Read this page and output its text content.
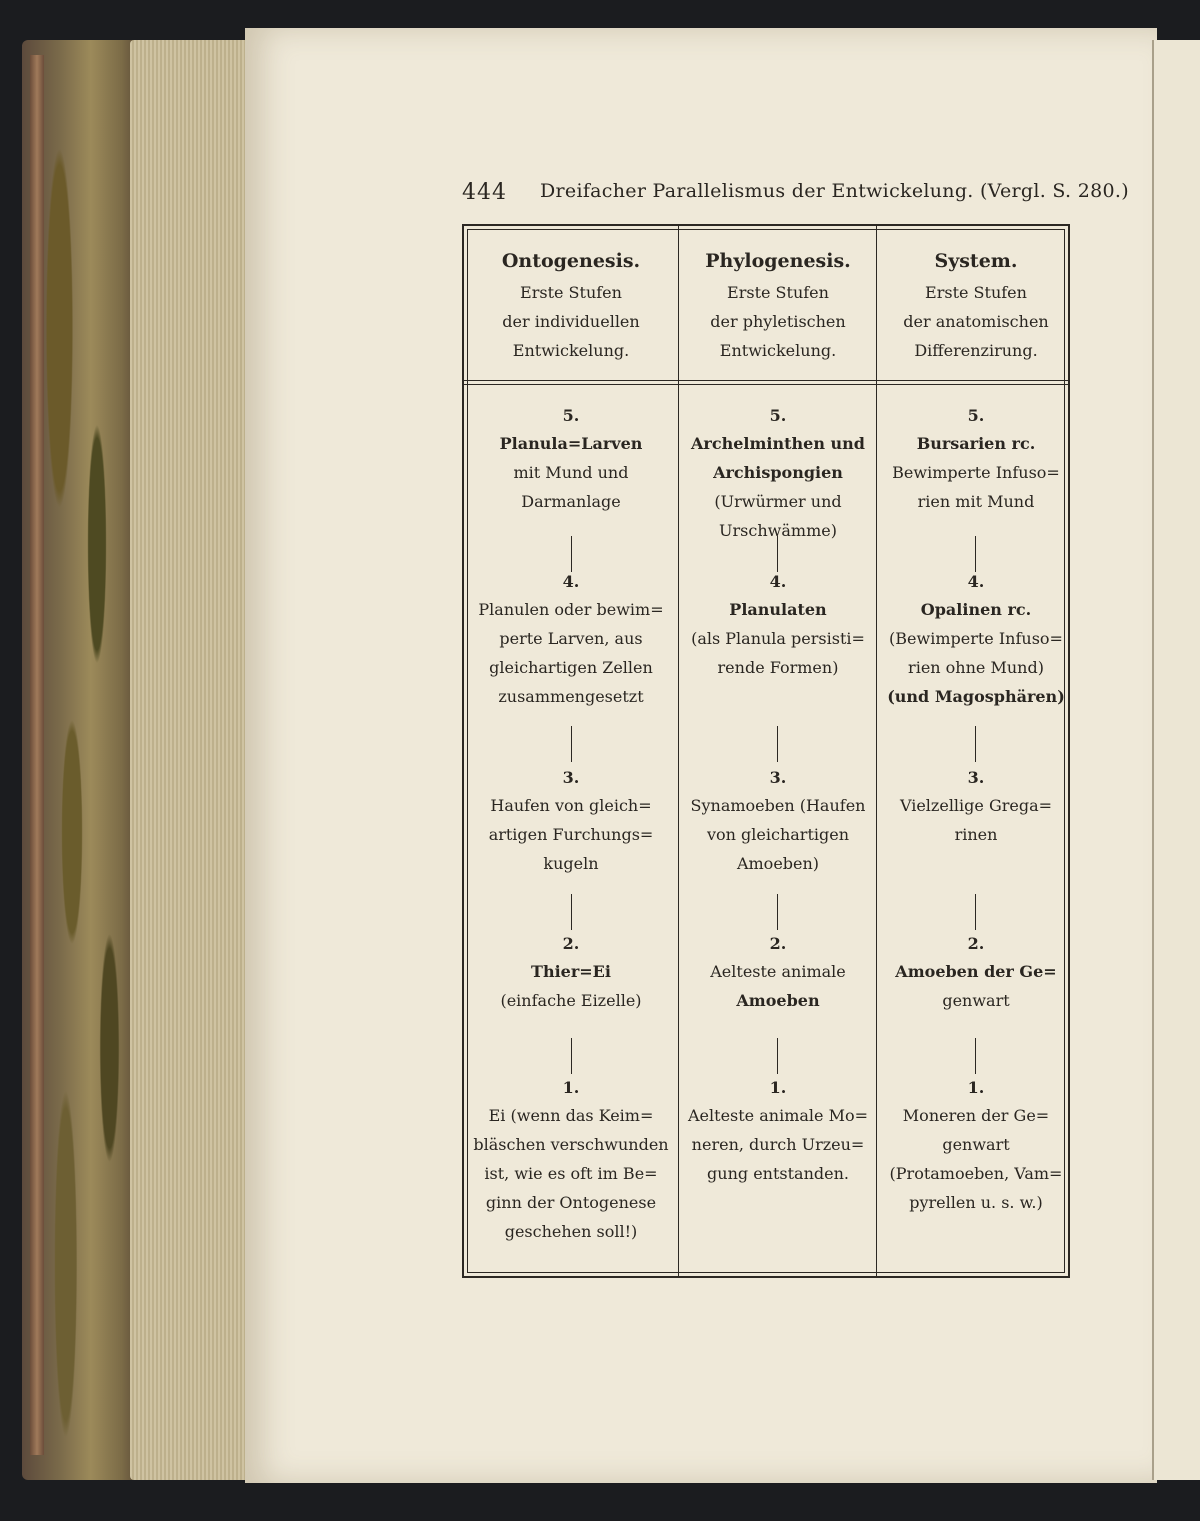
444 Dreifacher Parallelismus der Entwickelung. (Vergl. S. 280.)
Ontogenesis.
Erste Stufen
der individuellen
Entwickelung.
Phylogenesis.
Erste Stufen
der phyletischen
Entwickelung.
System.
Erste Stufen
der anatomischen
Differenzirung.
5.
Planula=Larven
mit Mund und
Darmanlage
4.
Planulen oder bewim=
perte Larven, aus
gleichartigen Zellen
zusammengesetzt
3.
Haufen von gleich=
artigen Furchungs=
kugeln
2.
Thier=Ei
(einfache Eizelle)
1.
Ei (wenn das Keim=
bläschen verschwunden
ist, wie es oft im Be=
ginn der Ontogenese
geschehen soll!)
5.
Archelminthen und
Archispongien
(Urwürmer und
Urschwämme)
4.
Planulaten
(als Planula persisti=
rende Formen)
3.
Synamoeben (Haufen
von gleichartigen
Amoeben)
2.
Aelteste animale
Amoeben
1.
Aelteste animale Mo=
neren, durch Urzeu=
gung entstanden.
5.
Bursarien rc.
Bewimperte Infuso=
rien mit Mund
4.
Opalinen rc.
(Bewimperte Infuso=
rien ohne Mund)
(und Magosphären)
3.
Vielzellige Grega=
rinen
2.
Amoeben der Ge=
genwart
1.
Moneren der Ge=
genwart
(Protamoeben, Vam=
pyrellen u. s. w.)
